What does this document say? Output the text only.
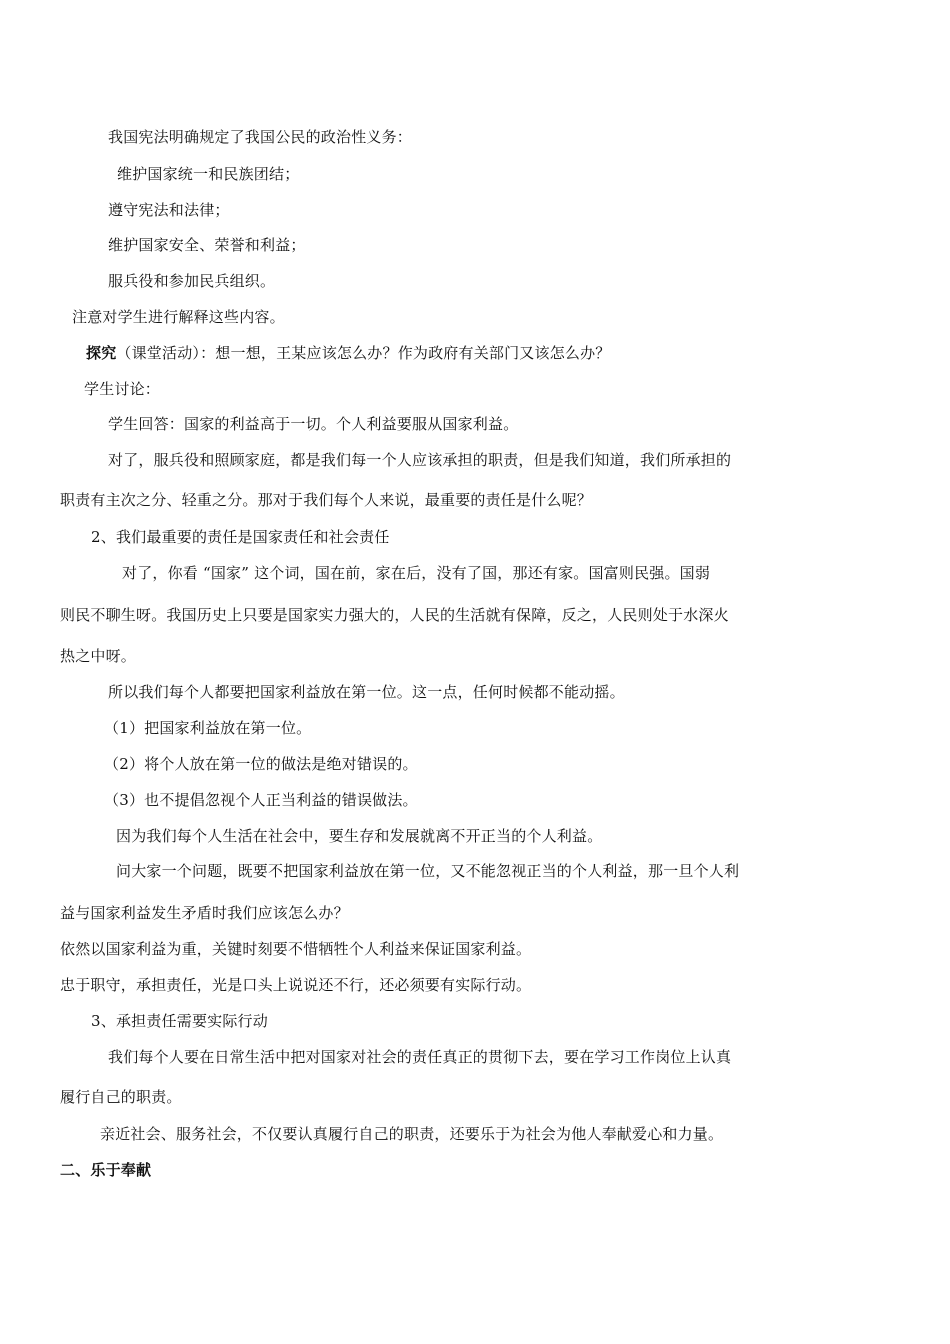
我国宪法明确规定了我国公民的政治性义务：
维护国家统一和民族团结；
遵守宪法和法律；
维护国家安全、荣誉和利益；
服兵役和参加民兵组织。
注意对学生进行解释这些内容。
探究（课堂活动）：想一想，王某应该怎么办？作为政府有关部门又该怎么办？
学生讨论：
学生回答：国家的利益高于一切。个人利益要服从国家利益。
对了，服兵役和照顾家庭，都是我们每一个人应该承担的职责，但是我们知道，我们所承担的
职责有主次之分、轻重之分。那对于我们每个人来说，最重要的责任是什么呢？
2、我们最重要的责任是国家责任和社会责任
对了，你看 “国家” 这个词，国在前，家在后，没有了国，那还有家。国富则民强。国弱
则民不聊生呀。我国历史上只要是国家实力强大的，人民的生活就有保障，反之，人民则处于水深火
热之中呀。
所以我们每个人都要把国家利益放在第一位。这一点，任何时候都不能动摇。
（1）把国家利益放在第一位。
（2）将个人放在第一位的做法是绝对错误的。
（3）也不提倡忽视个人正当利益的错误做法。
因为我们每个人生活在社会中，要生存和发展就离不开正当的个人利益。
问大家一个问题，既要不把国家利益放在第一位，又不能忽视正当的个人利益，那一旦个人利
益与国家利益发生矛盾时我们应该怎么办？
依然以国家利益为重，关键时刻要不惜牺牲个人利益来保证国家利益。
忠于职守，承担责任，光是口头上说说还不行，还必须要有实际行动。
3、承担责任需要实际行动
我们每个人要在日常生活中把对国家对社会的责任真正的贯彻下去，要在学习工作岗位上认真
履行自己的职责。
亲近社会、服务社会，不仅要认真履行自己的职责，还要乐于为社会为他人奉献爱心和力量。
二、乐于奉献
